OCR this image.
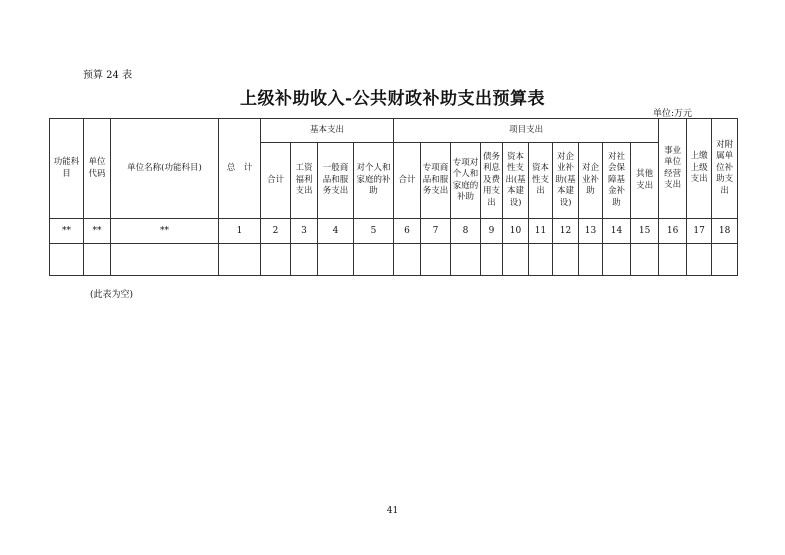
预算 24 表
上级补助收入-公共财政补助支出预算表
单位:万元
功能科目	单位代码	单位名称(功能科目)	总　计	基本支出				项目支出										事业单位经营支出	上缴上级支出	对附属单位补助支出
				合计	工资福利支出	一般商品和服务支出	对个人和家庭的补助	合计	专项商品和服务支出	专项对个人和家庭的补助	债务利息及费用支出	资本性支出(基本建设)	资本性支出	对企业补助(基本建设)	对企业补助	对社会保障基金补助	其他支出			
**	**	**	1	2	3	4	5	6	7	8	9	10	11	12	13	14	15	16	17	18

(此表为空)
41
